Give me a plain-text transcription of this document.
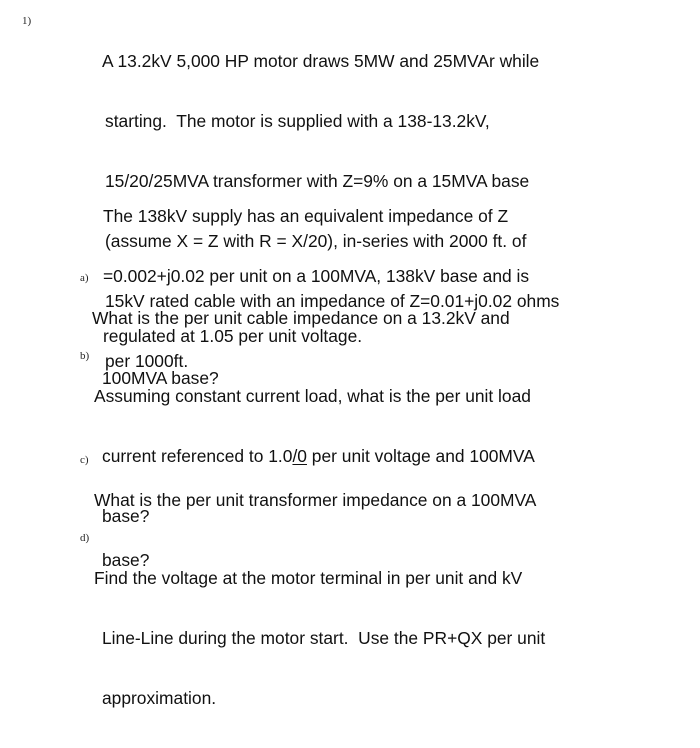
1)

A 13.2kV 5,000 HP motor draws 5MW and 25MVAr while

starting.  The motor is supplied with a 138-13.2kV,

15/20/25MVA transformer with Z=9% on a 15MVA base

(assume X = Z with R = X/20), in-series with 2000 ft. of

15kV rated cable with an impedance of Z=0.01+j0.02 ohms

per 1000ft.

The 138kV supply has an equivalent impedance of Z

=0.002+j0.02 per unit on a 100MVA, 138kV base and is

regulated at 1.05 per unit voltage.

a)

What is the per unit cable impedance on a 13.2kV and

100MVA base?

b)

Assuming constant current load, what is the per unit load

current referenced to 1.0/0 per unit voltage and 100MVA

base?

c)

What is the per unit transformer impedance on a 100MVA

base?

d)

Find the voltage at the motor terminal in per unit and kV

Line-Line during the motor start.  Use the PR+QX per unit

approximation.
